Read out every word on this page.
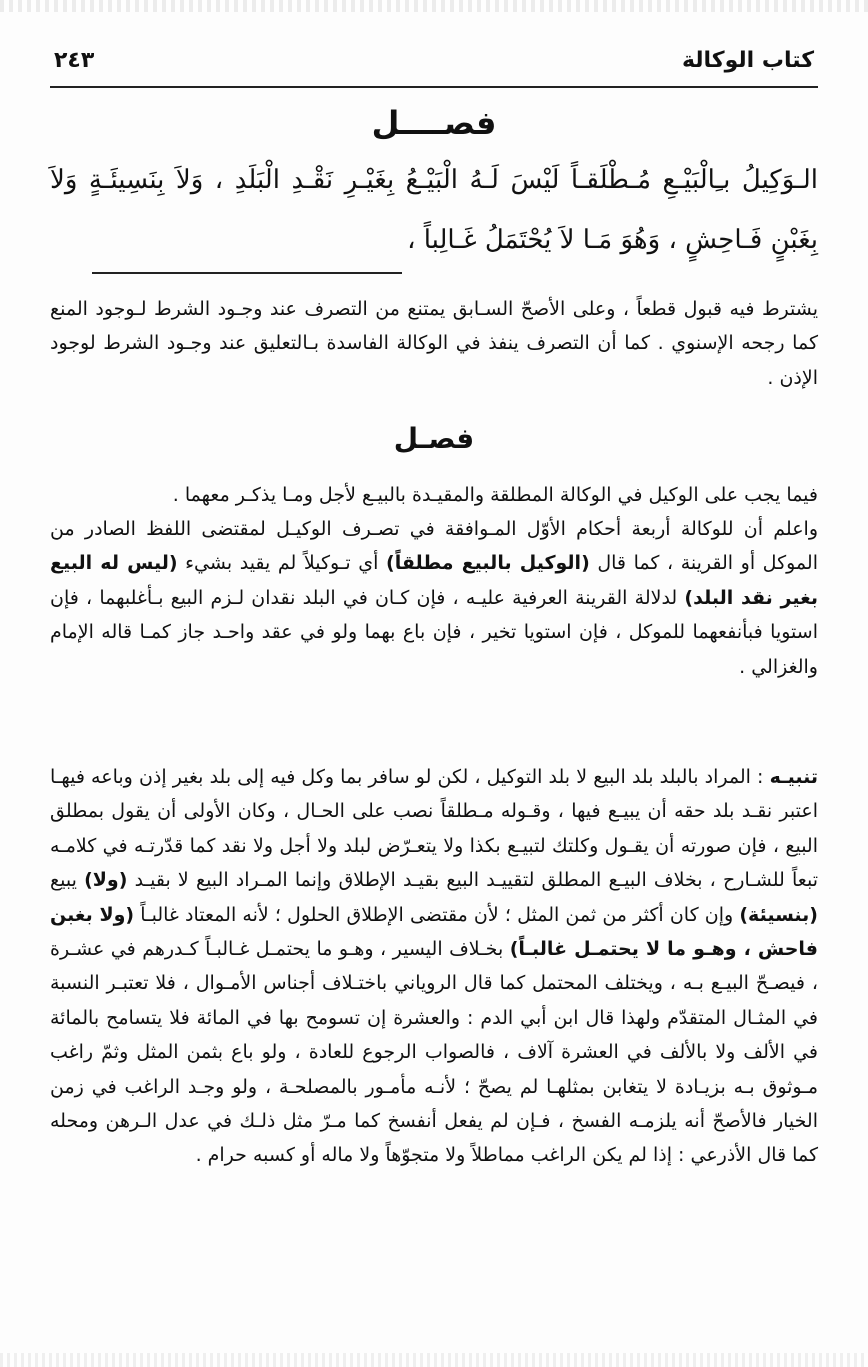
كتاب الوكالة
٢٤٣
فصــــل
الـوَكِيلُ بـِالْبَيْـعِ مُـطْلَقـاً لَيْسَ لَـهُ الْبَيْـعُ بِغَيْـرِ نَقْـدِ الْبَلَدِ ، وَلاَ بِنَسِيئَـةٍ وَلاَ بِغَبْنٍ فَـاحِشٍ ، وَهُوَ مَـا لاَ يُحْتَمَلُ غَـالِباً ،
يشترط فيه قبول قطعاً ، وعلى الأصحّ السـابق يمتنع من التصرف عند وجـود الشرط لـوجود المنع كما رجحه الإسنوي . كما أن التصرف ينفذ في الوكالة الفاسدة بـالتعليق عند وجـود الشرط لوجود الإذن .
فصـل
فيما يجب على الوكيل في الوكالة المطلقة والمقيـدة بالبيـع لأجل ومـا يذكـر معهما .
واعلم أن للوكالة أربعة أحكام الأوّل المـوافقة في تصـرف الوكيـل لمقتضى اللفظ الصادر من الموكل أو القرينة ، كما قال (الوكيل بالبيع مطلقاً) أي تـوكيلاً لم يقيد بشيء (ليس له البيع بغير نقد البلد) لدلالة القرينة العرفية عليـه ، فإن كـان في البلد نقدان لـزم البيع بـأغلبهما ، فإن استويا فبأنفعهما للموكل ، فإن استويا تخير ، فإن باع بهما ولو في عقد واحـد جاز كمـا قاله الإمام والغزالي .
تنبيـه : المراد بالبلد بلد البيع لا بلد التوكيل ، لكن لو سافر بما وكل فيه إلى بلد بغير إذن وباعه فيهـا اعتبر نقـد بلد حقه أن يبيـع فيها ، وقـوله مـطلقاً نصب على الحـال ، وكان الأولى أن يقول بمطلق البيع ، فإن صورته أن يقـول وكلتك لتبيـع بكذا ولا يتعـرّض لبلد ولا أجل ولا نقد كما قدّرتـه في كلامـه تبعاً للشـارح ، بخلاف البيـع المطلق لتقييـد البيع بقيـد الإطلاق وإنما المـراد البيع لا بقيـد (ولا) يبيع (بنسيئة) وإن كان أكثر من ثمن المثل ؛ لأن مقتضى الإطلاق الحلول ؛ لأنه المعتاد غالبـاً (ولا بغبن فاحش ، وهـو ما لا يحتمـل غالبـاً) بخـلاف اليسير ، وهـو ما يحتمـل غـالبـاً كـدرهم في عشـرة ، فيصـحّ البيـع بـه ، ويختلف المحتمل كما قال الروياني باختـلاف أجناس الأمـوال ، فلا تعتبـر النسبة في المثـال المتقدّم ولهذا قال ابن أبي الدم : والعشرة إن تسومح بها في المائة فلا يتسامح بالمائة في الألف ولا بالألف في العشرة آلاف ، فالصواب الرجوع للعادة ، ولو باع بثمن المثل وثمّ راغب مـوثوق بـه بزيـادة لا يتغابن بمثلهـا لم يصحّ ؛ لأنـه مأمـور بالمصلحـة ، ولو وجـد الراغب في زمن الخيار فالأصحّ أنه يلزمـه الفسخ ، فـإن لم يفعل أنفسخ كما مـرّ مثل ذلـك في عدل الـرهن ومحله كما قال الأذرعي : إذا لم يكن الراغب مماطلاً ولا متجوّهاً ولا ماله أو كسبه حرام .
